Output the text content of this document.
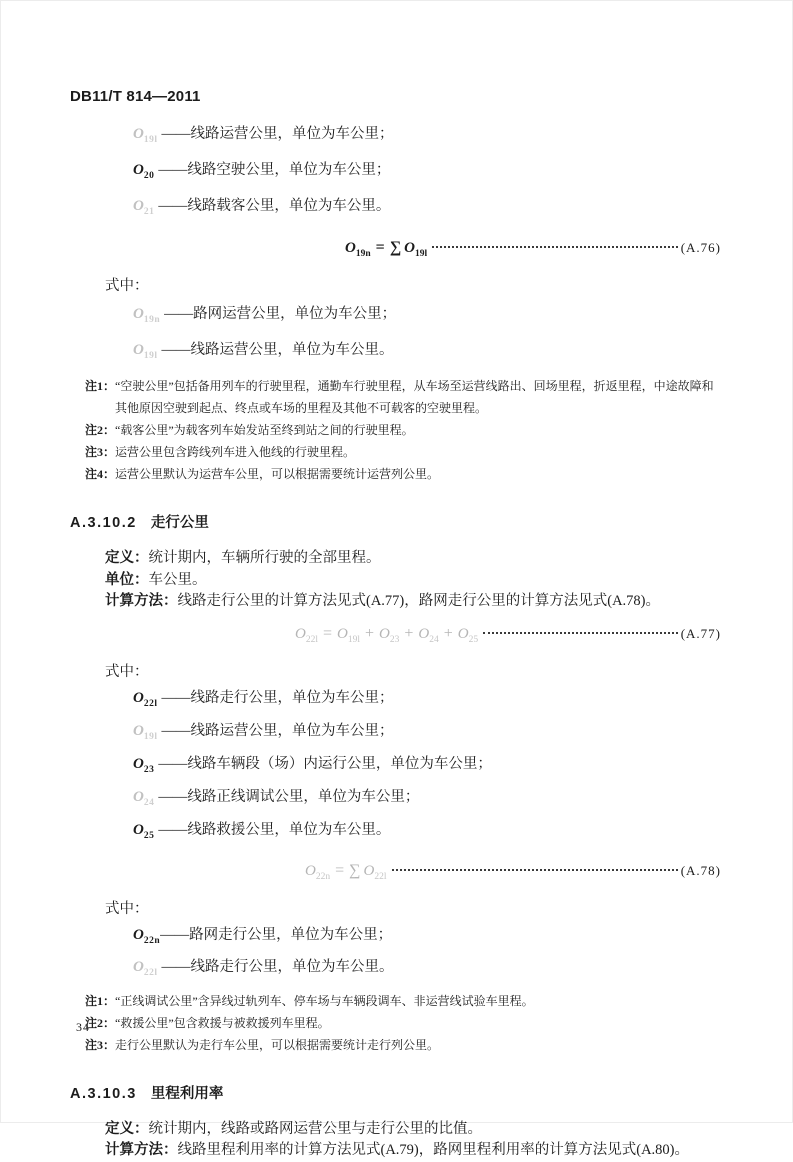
DB11/T 814—2011
$O_{19l}$ ——线路运营公里，单位为车公里；
$O_{20}$ ——线路空驶公里，单位为车公里；
$O_{21}$ ——线路载客公里，单位为车公里。
$O_{19n}$ = ∑ $O_{19l}$	(A.76)
式中：
$O_{19n}$ ——路网运营公里，单位为车公里；
$O_{19l}$ ——线路运营公里，单位为车公里。
注1：“空驶公里”包括备用列车的行驶里程，通勤车行驶里程，从车场至运营线路出、回场里程，折返里程，中途故障和其他原因空驶到起点、终点或车场的里程及其他不可载客的空驶里程。
注2：“载客公里”为载客列车始发站至终到站之间的行驶里程。
注3：运营公里包含跨线列车进入他线的行驶里程。
注4：运营公里默认为运营车公里，可以根据需要统计运营列公里。
A.3.10.2 走行公里
定义：统计期内，车辆所行驶的全部里程。
单位：车公里。
计算方法：线路走行公里的计算方法见式(A.77)，路网走行公里的计算方法见式(A.78)。
$O_{22l} = O_{19l} + O_{23} + O_{24} + O_{25}$	(A.77)
式中：
$O_{22l}$ ——线路走行公里，单位为车公里；
$O_{19l}$ ——线路运营公里，单位为车公里；
$O_{23}$ ——线路车辆段（场）内运行公里，单位为车公里；
$O_{24}$ ——线路正线调试公里，单位为车公里；
$O_{25}$ ——线路救援公里，单位为车公里。
$O_{22n}$ = ∑ $O_{22l}$	(A.78)
式中：
$O_{22n}$ ——路网走行公里，单位为车公里；
$O_{22l}$ ——线路走行公里，单位为车公里。
注1：“正线调试公里”含异线过轨列车、停车场与车辆段调车、非运营线试验车里程。
注2：“救援公里”包含救援与被救援列车里程。
注3：走行公里默认为走行车公里，可以根据需要统计走行列公里。
A.3.10.3 里程利用率
定义：统计期内，线路或路网运营公里与走行公里的比值。
计算方法：线路里程利用率的计算方法见式(A.79)，路网里程利用率的计算方法见式(A.80)。
34
